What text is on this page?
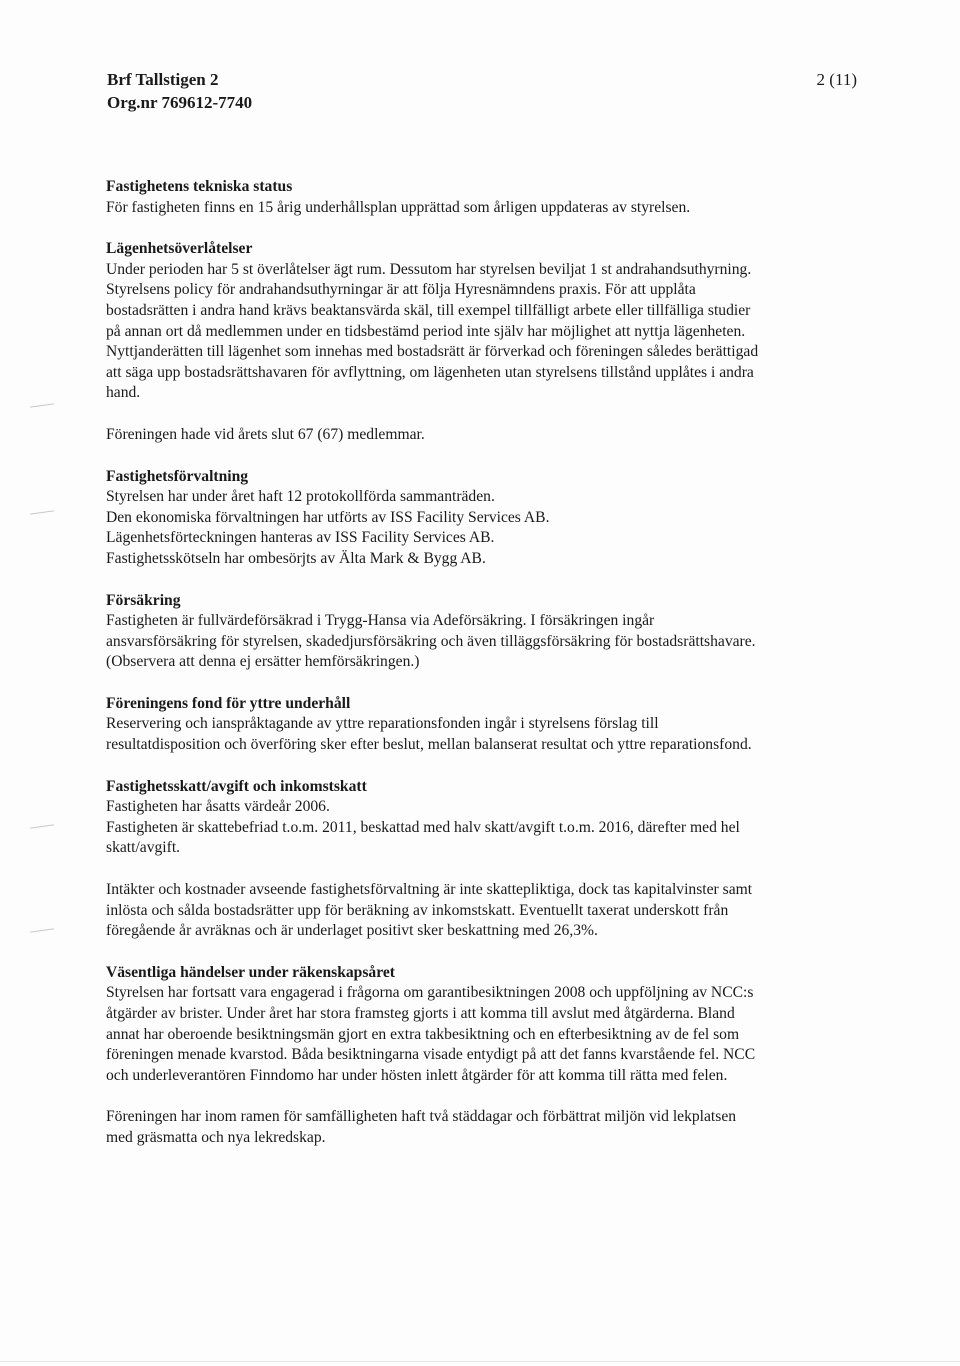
Brf Tallstigen 2
Org.nr 769612-7740
2 (11)
Fastighetens tekniska status

För fastigheten finns en 15 årig underhållsplan upprättad som årligen uppdateras av styrelsen.

Lägenhetsöverlåtelser

Under perioden har 5 st överlåtelser ägt rum. Dessutom har styrelsen beviljat 1 st andrahandsuthyrning.
Styrelsens policy för andrahandsuthyrningar är att följa Hyresnämndens praxis. För att upplåta
bostadsrätten i andra hand krävs beaktansvärda skäl, till exempel tillfälligt arbete eller tillfälliga studier
på annan ort då medlemmen under en tidsbestämd period inte själv har möjlighet att nyttja lägenheten.
Nyttjanderätten till lägenhet som innehas med bostadsrätt är förverkad och föreningen således berättigad
att säga upp bostadsrättshavaren för avflyttning, om lägenheten utan styrelsens tillstånd upplåtes i andra
hand.

Föreningen hade vid årets slut 67 (67) medlemmar.

Fastighetsförvaltning

Styrelsen har under året haft 12 protokollförda sammanträden.
Den ekonomiska förvaltningen har utförts av ISS Facility Services AB.
Lägenhetsförteckningen hanteras av ISS Facility Services AB.
Fastighetsskötseln har ombesörjts av Älta Mark & Bygg AB.

Försäkring

Fastigheten är fullvärdeförsäkrad i Trygg-Hansa via Adeförsäkring. I försäkringen ingår
ansvarsförsäkring för styrelsen, skadedjursförsäkring och även tilläggsförsäkring för bostadsrättshavare.
(Observera att denna ej ersätter hemförsäkringen.)

Föreningens fond för yttre underhåll

Reservering och ianspråktagande av yttre reparationsfonden ingår i styrelsens förslag till
resultatdisposition och överföring sker efter beslut, mellan balanserat resultat och yttre reparationsfond.

Fastighetsskatt/avgift och inkomstskatt

Fastigheten har åsatts värdeår 2006.
Fastigheten är skattebefriad t.o.m. 2011, beskattad med halv skatt/avgift t.o.m. 2016, därefter med hel
skatt/avgift.

Intäkter och kostnader avseende fastighetsförvaltning är inte skattepliktiga, dock tas kapitalvinster samt
inlösta och sålda bostadsrätter upp för beräkning av inkomstskatt. Eventuellt taxerat underskott från
föregående år avräknas och är underlaget positivt sker beskattning med 26,3%.

Väsentliga händelser under räkenskapsåret

Styrelsen har fortsatt vara engagerad i frågorna om garantibesiktningen 2008 och uppföljning av NCC:s
åtgärder av brister. Under året har stora framsteg gjorts i att komma till avslut med åtgärderna. Bland
annat har oberoende besiktningsmän gjort en extra takbesiktning och en efterbesiktning av de fel som
föreningen menade kvarstod. Båda besiktningarna visade entydigt på att det fanns kvarstående fel. NCC
och underleverantören Finndomo har under hösten inlett åtgärder för att komma till rätta med felen.

Föreningen har inom ramen för samfälligheten haft två städdagar och förbättrat miljön vid lekplatsen
med gräsmatta och nya lekredskap.
